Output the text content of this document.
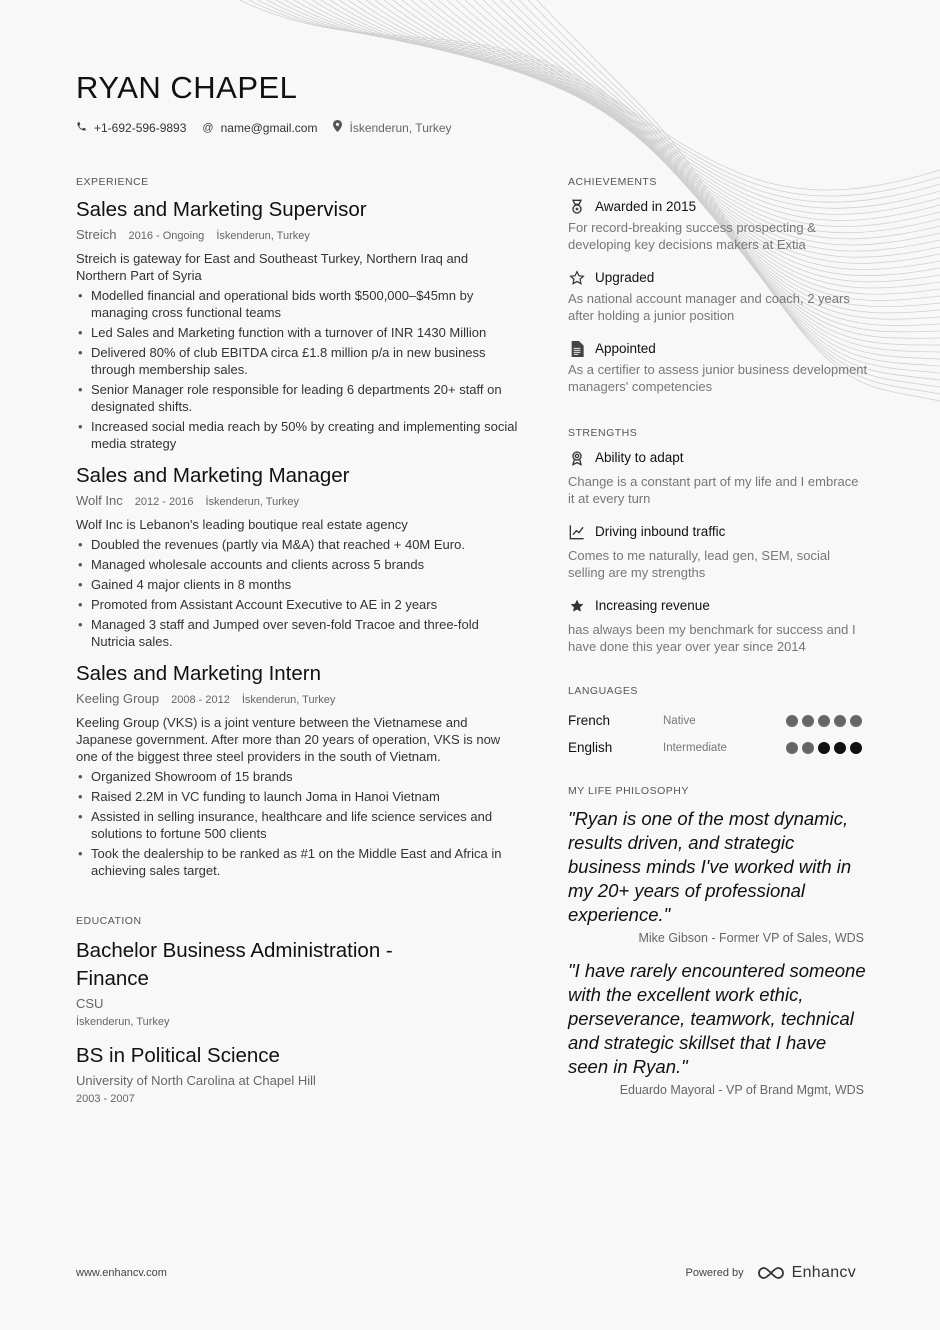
RYAN CHAPEL
+1-692-596-9893 @ name@gmail.com	İskenderun, Turkey
EXPERIENCE
Sales and Marketing Supervisor
Streich 2016 - Ongoing İskenderun, Turkey
Streich is gateway for East and Southeast Turkey, Northern Iraq and Northern Part of Syria
• Modelled financial and operational bids worth $500,000–$45mn by managing cross functional teams
• Led Sales and Marketing function with a turnover of INR 1430 Million
• Delivered 80% of club EBITDA circa £1.8 million p/a in new business through membership sales.
• Senior Manager role responsible for leading 6 departments 20+ staff on designated shifts.
• Increased social media reach by 50% by creating and implementing social media strategy
Sales and Marketing Manager
Wolf Inc 2012 - 2016 İskenderun, Turkey
Wolf Inc is Lebanon's leading boutique real estate agency
• Doubled the revenues (partly via M&A) that reached + 40M Euro.
• Managed wholesale accounts and clients across 5 brands
• Gained 4 major clients in 8 months
• Promoted from Assistant Account Executive to AE in 2 years
• Managed 3 staff and Jumped over seven-fold Tracoe and three-fold Nutricia sales.
Sales and Marketing Intern
Keeling Group 2008 - 2012 İskenderun, Turkey
Keeling Group (VKS) is a joint venture between the Vietnamese and Japanese government. After more than 20 years of operation, VKS is now one of the biggest three steel providers in the south of Vietnam.
• Organized Showroom of 15 brands
• Raised 2.2M in VC funding to launch Joma in Hanoi Vietnam
• Assisted in selling insurance, healthcare and life science services and solutions to fortune 500 clients
• Took the dealership to be ranked as #1 on the Middle East and Africa in achieving sales target.
EDUCATION
Bachelor Business Administration - Finance
CSU
İskenderun, Turkey
BS in Political Science
University of North Carolina at Chapel Hill
2003 - 2007
ACHIEVEMENTS
Awarded in 2015
For record-breaking success prospecting & developing key decisions makers at Extia
Upgraded
As national account manager and coach, 2 years after holding a junior position
Appointed
As a certifier to assess junior business development managers' competencies
STRENGTHS
Ability to adapt
Change is a constant part of my life and I embrace it at every turn
Driving inbound traffic
Comes to me naturally, lead gen, SEM, social selling are my strengths
Increasing revenue
has always been my benchmark for success and I have done this year over year since 2014
LANGUAGES
French	Native
English	Intermediate
MY LIFE PHILOSOPHY
"Ryan is one of the most dynamic, results driven, and strategic business minds I've worked with in my 20+ years of professional experience."
Mike Gibson - Former VP of Sales, WDS
"I have rarely encountered someone with the excellent work ethic, perseverance, teamwork, technical and strategic skillset that I have seen in Ryan."
Eduardo Mayoral - VP of Brand Mgmt, WDS
www.enhancv.com	Powered by	Enhancv
